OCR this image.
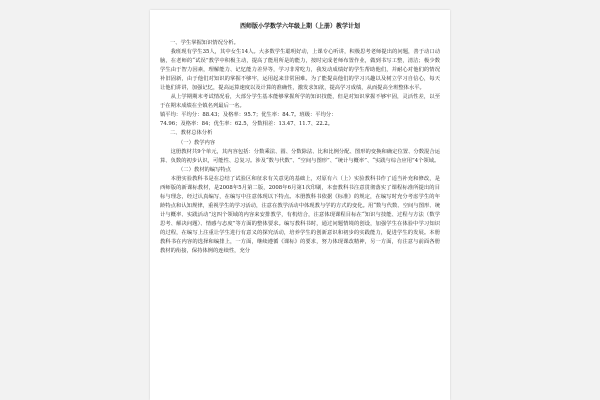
西师版小学数学六年级上期（上册）教学计划

一、学生掌握知识情况分析。

我班现有学生35人，其中女生14人。大多数学生聪明好动，上课专心听讲，积极思考老师提出的问题，善于动口动脑，在老师的“试误”教学中积极主动，提高了能用所是的能力，按时完成老师布置作业，做到书写工整，清洁；极少数学生由于智力因素，理解能力、记忆能力差异等，学习非常吃力，我发动成绩好的学生帮助他们，并耐心对他们的情况补旧固新，由于他们对知识的掌握不够牢，运用起来非常困难。为了能提高他们的学习兴趣以及树立学习自信心，每天让他们讲讲，加强记忆，提高运算速度以及计算的准确性，激发求知欲，提高学习成绩，从而提高全班整体水平。

从上学期期末考试情况看，大部分学生基本能够掌握所学的知识技能，但是对知识掌握不够牢固，灵活性差，以至于在期末成绩在全镇名列最后一名。

镇平均：平均分：88.43；及格率：95.7；优生率：84.7。班级：平均分：

74.96；及格率：84；优生率：62.5，分数相差：13.47、11.7、22.2。

二、教材总体分析

（一）教学内容

这册教材共9个单元，其内容包括：分数乘法、圆、分数除法、比和比例分配、图形的变换和确定位置、分数混合运算、负数的初步认识，可能性、总复习。涉及“数与代数”、“空间与图形”、“统计与概率”、“实践与综合应用”4个领域。

（二）教材的编写特点

本册实验教科书是在总结了试验区和征求有关意见的基础上，对原有六（上）实验教科书作了适当补充和修改，是西师版的新课标教材，是2008年5月第二版，2008年6月第1次印刷，本套教科书注意贯彻落实了课程标准所提出的目标与理念，经过认真编写，在编写中注意体现以下特点。本册教科书依据《标准》的规定，在编写时充分考虑学生的年龄特点和认知规律，重视学生的学习活动，注意在教学活动中体现教与学的方式的变化。用“数与代数、空间与图形、统计与概率、实践活动”这四个领域的内容来安排教学，有机结合，注意体现课程目标在“知识与技能、过程与方法（数学思考、解决问题）、情感与态度”等方面的整体要求。编写教科书时，通过问题情境的创设，加强学生在体验中学习知识的过程，在编写上注重让学生进行有意义的探究活动，培养学生的创新意识和初步的实践能力，促进学生的发展。本册教科书在内容的选择和编排上，一方面，继续遵循《课标》的要求，努力体现课改精神，另一方面，有注意与前面各册教材的衔接，保持体例的连续性，充分
